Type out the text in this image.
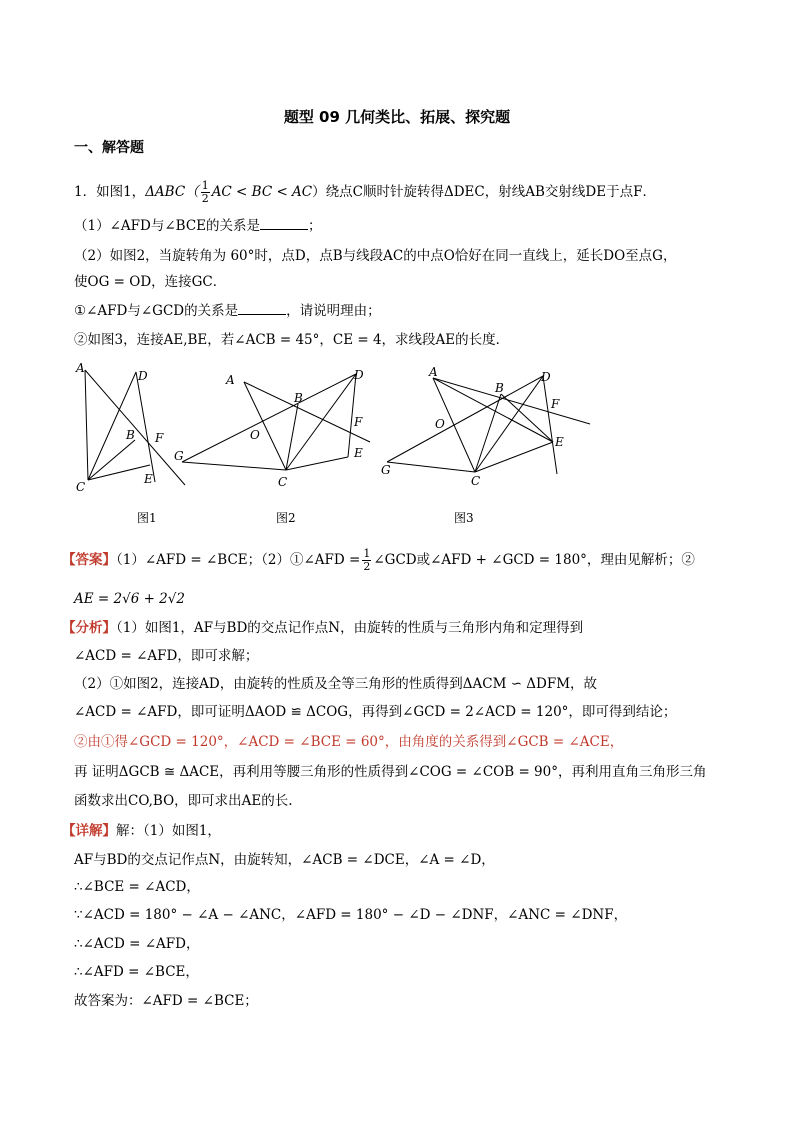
题型 09 几何类比、拓展、探究题
一、解答题
1．如图1，$\Delta ABC( \frac{1}{2}$ AC < BC < AC）绕点C顺时针旋转得ΔDEC，射线AB交射线DE于点F．
（1）∠AFD与∠BCE的关系是	；
（2）如图2，当旋转角为 60°时，点D，点B与线段AC的中点O恰好在同一直线上，延长DO至点G，
使OG = OD，连接GC．
①∠AFD与∠GCD的关系是	，请说明理由；
②如图3，连接AE,BE，若∠ACB = 45°，CE = 4，求线段AE的长度．
A
D
B F
C
E
A	D
B
O
F
G	E
C
A	D
B
F
O
E
G
C
图1	图2	图3
【答案】（1）∠AFD = ∠BCE；（2）①∠AFD = $\frac{1}{2}$ ∠GCD或∠AFD + ∠GCD = 180°，理由见解析；②
AE = 2√6 + 2√2
【分析】（1）如图1，AF与BD的交点记作点N，由旋转的性质与三角形内角和定理得到
∠ACD = ∠AFD，即可求解；
（2）①如图2，连接AD，由旋转的性质及全等三角形的性质得到ΔACM ∽ ΔDFM，故
∠ACD = ∠AFD，即可证明ΔAOD ≌ ΔCOG，再得到∠GCD = 2∠ACD = 120°，即可得到结论；
②由①得∠GCD = 120°，∠ACD = ∠BCE = 60°，由角度的关系得到∠GCB = ∠ACE，
再 证明ΔGCB ≅ ΔACE，再利用等腰三角形的性质得到∠COG = ∠COB = 90°，再利用直角三角形三角
函数求出CO,BO，即可求出AE的长.
【详解】解：（1）如图1，
AF与BD的交点记作点N，由旋转知，∠ACB = ∠DCE，∠A = ∠D，
∴∠BCE = ∠ACD，
∵∠ACD = 180° − ∠A − ∠ANC，∠AFD = 180° − ∠D − ∠DNF，∠ANC = ∠DNF，
∴∠ACD = ∠AFD，
∴∠AFD = ∠BCE，
故答案为：∠AFD = ∠BCE；
